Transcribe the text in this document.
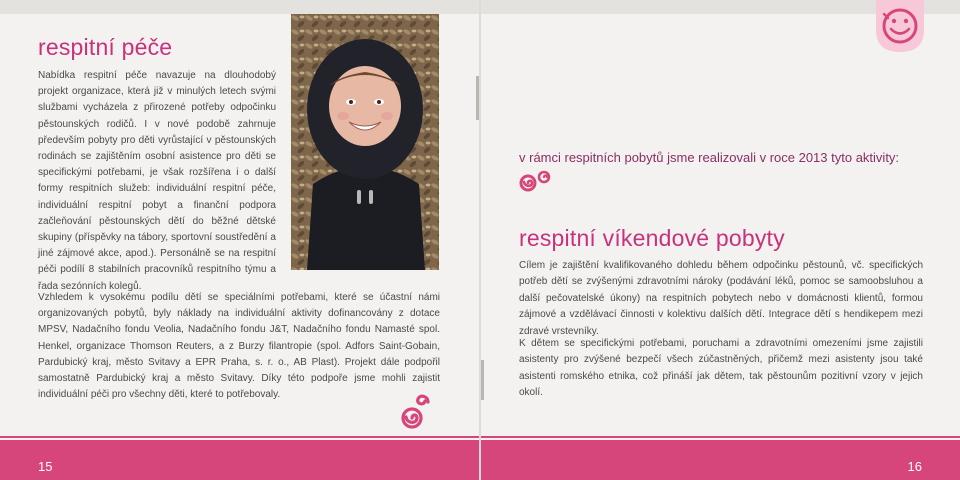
respitní péče

Nabídka respitní péče navazuje na dlouhodobý projekt organizace, která již v minulých letech svými službami vycházela z přirozené potřeby odpočinku pěstounských rodičů. I v nové podobě zahrnuje především pobyty pro děti vyrůstající v pěstounských rodinách se zajištěním osobní asistence pro děti se specifickými potřebami, je však rozšířena i o další formy respitních služeb: individuální respitní péče, individuální respitní pobyt a finanční podpora začleňování pěstounských dětí do běžné dětské skupiny (příspěvky na tábory, sportovní soustředění a jiné zájmové akce, apod.). Personálně se na respitní péči podílí 8 stabilních pracovníků respitního týmu a řada sezónních kolegů.

Vzhledem k vysokému podílu dětí se speciálními potřebami, které se účastní námi organizovaných pobytů, byly náklady na individuální aktivity dofinancovány z dotace MPSV, Nadačního fondu Veolia, Nadačního fondu J&T, Nadačního fondu Namasté spol. Henkel, organizace Thomson Reuters, a z Burzy filantropie (spol. Adfors Saint-Gobain, Pardubický kraj, město Svitavy a EPR Praha, s. r. o., AB Plast). Projekt dále podpořil samostatně Pardubický kraj a město Svitavy. Díky této podpoře jsme mohli zajistit individuální péči pro všechny děti, které to potřebovaly.

15

v rámci respitních pobytů jsme realizovali v roce 2013 tyto aktivity:

respitní víkendové pobyty

Cílem je zajištění kvalifikovaného dohledu během odpočinku pěstounů, vč. specifických potřeb dětí se zvýšenými zdravotními nároky (podávání léků, pomoc se samoobsluhou a další pečovatelské úkony) na respitních pobytech nebo v domácnosti klientů, formou zájmové a vzdělávací činnosti v kolektivu dalších dětí. Integrace dětí s hendikepem mezi zdravé vrstevníky.

K dětem se specifickými potřebami, poruchami a zdravotními omezeními jsme zajistili asistenty pro zvýšené bezpečí všech zúčastněných, přičemž mezi asistenty jsou také asistenti romského etnika, což přináší jak dětem, tak pěstounům pozitivní vzory v jejich okolí.

16
